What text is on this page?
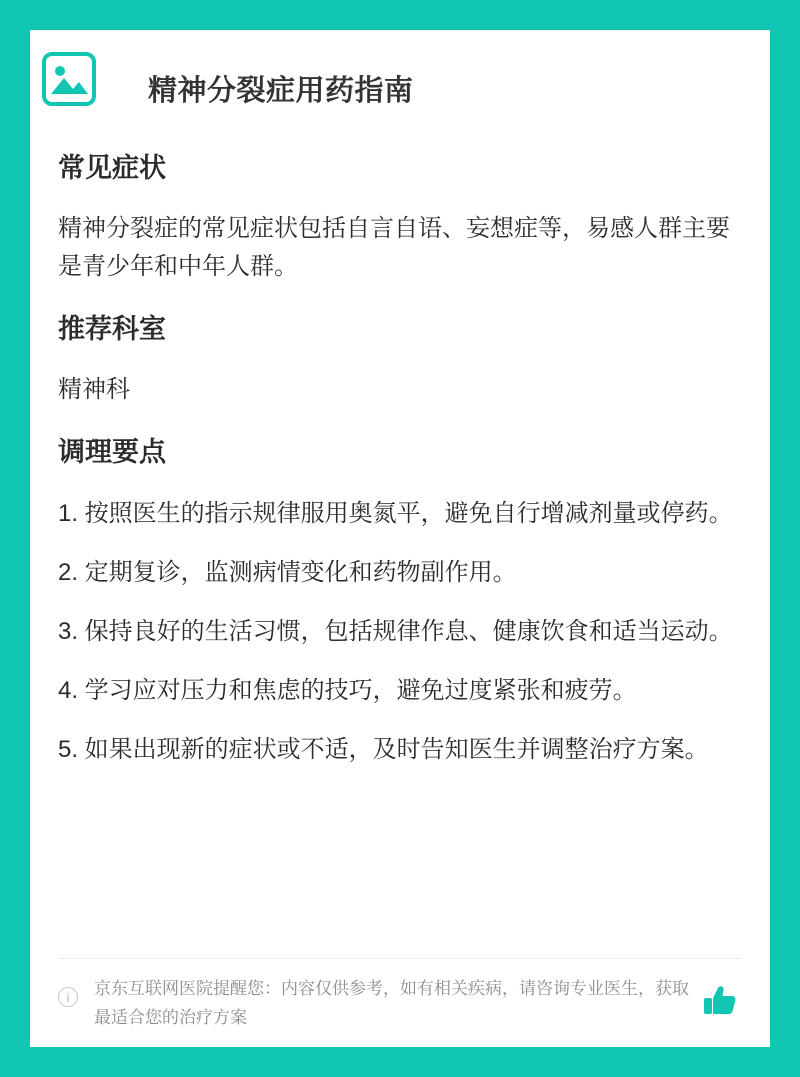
精神分裂症用药指南
常见症状

精神分裂症的常见症状包括自言自语、妄想症等，易感人群主要是青少年和中年人群。

推荐科室

精神科

调理要点

1. 按照医生的指示规律服用奥氮平，避免自行增减剂量或停药。

2. 定期复诊，监测病情变化和药物副作用。

3. 保持良好的生活习惯，包括规律作息、健康饮食和适当运动。

4. 学习应对压力和焦虑的技巧，避免过度紧张和疲劳。

5. 如果出现新的症状或不适，及时告知医生并调整治疗方案。

i	京东互联网医院提醒您：内容仅供参考，如有相关疾病，请咨询专业医生，获取最适合您的治疗方案
